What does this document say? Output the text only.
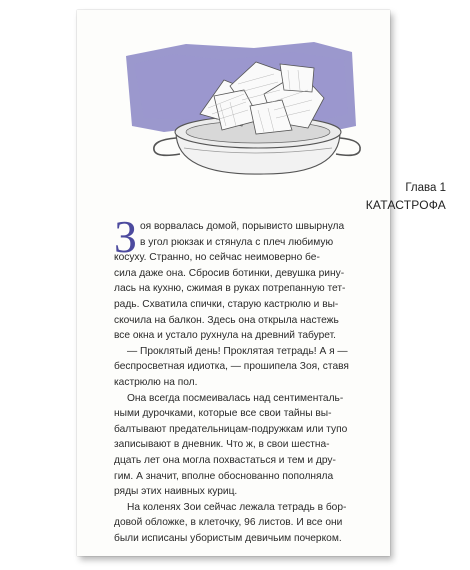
Глава 1
КАТАСТРОФА

З оя ворвалась домой, порывисто швырнула
в угол рюкзак и стянула с плеч любимую
косуху. Странно, но сейчас неимоверно бе-
сила даже она. Сбросив ботинки, девушка рину-
лась на кухню, сжимая в руках потрепанную тет-
радь. Схватила спички, старую кастрюлю и вы-
скочила на балкон. Здесь она открыла настежь
все окна и устало рухнула на древний табурет.

— Проклятый день! Проклятая тетрадь! А я —
беспросветная идиотка, — прошипела Зоя, ставя
кастрюлю на пол.

Она всегда посмеивалась над сентименталь-
ными дурочками, которые все свои тайны вы-
балтывают предательницам-подружкам или тупо
записывают в дневник. Что ж, в свои шестна-
дцать лет она могла похвастаться и тем и дру-
гим. А значит, вполне обоснованно пополняла
ряды этих наивных куриц.

На коленях Зои сейчас лежала тетрадь в бор-
довой обложке, в клеточку, 96 листов. И все они
были исписаны убористым девичьим почерком.
